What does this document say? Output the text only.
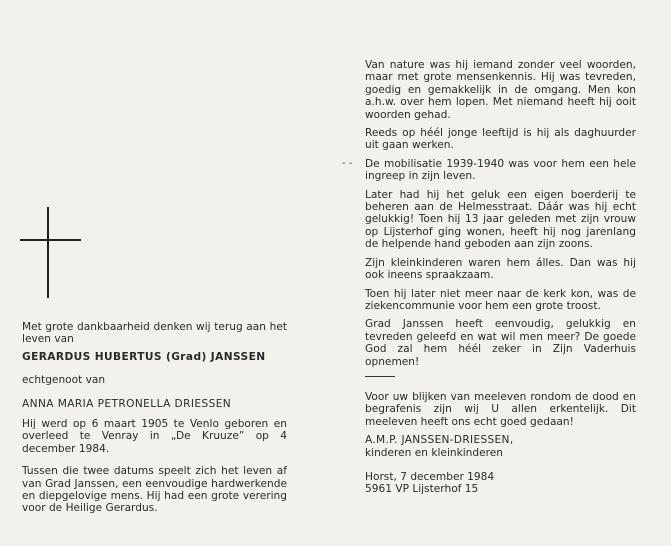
Met grote dankbaarheid denken wij terug aan het leven van

GERARDUS HUBERTUS (Grad) JANSSEN

echtgenoot van

ANNA MARIA PETRONELLA DRIESSEN

Hij werd op 6 maart 1905 te Venlo geboren en overleed te Venray in „De Kruuze” op 4 december 1984.

Tussen die twee datums speelt zich het leven af van Grad Janssen, een eenvoudige hardwerkende en diepgelovige mens. Hij had een grote verering voor de Heilige Gerardus.

- -

Van nature was hij iemand zonder veel woorden, maar met grote mensenkennis. Hij was tevreden, goedig en gemakkelijk in de omgang. Men kon a.h.w. over hem lopen. Met niemand heeft hij ooit woorden gehad.

Reeds op héél jonge leeftijd is hij als daghuurder uit gaan werken.

De mobilisatie 1939-1940 was voor hem een hele ingreep in zijn leven.

Later had hij het geluk een eigen boerderij te beheren aan de Helmesstraat. Dáár was hij echt gelukkig! Toen hij 13 jaar geleden met zijn vrouw op Lijsterhof ging wonen, heeft hij nog jarenlang de helpende hand geboden aan zijn zoons.

Zijn kleinkinderen waren hem álles. Dan was hij ook ineens spraakzaam.

Toen hij later niet meer naar de kerk kon, was de ziekencommunie voor hem een grote troost.

Grad Janssen heeft eenvoudig, gelukkig en tevreden geleefd en wat wil men meer? De goede God zal hem héél zeker in Zijn Vaderhuis opnemen!

Voor uw blijken van meeleven rondom de dood en begrafenis zijn wij U allen erkentelijk. Dit meeleven heeft ons echt goed gedaan!

A.M.P. JANSSEN-DRIESSEN,

kinderen en kleinkinderen

Horst, 7 december 1984

5961 VP Lijsterhof 15
